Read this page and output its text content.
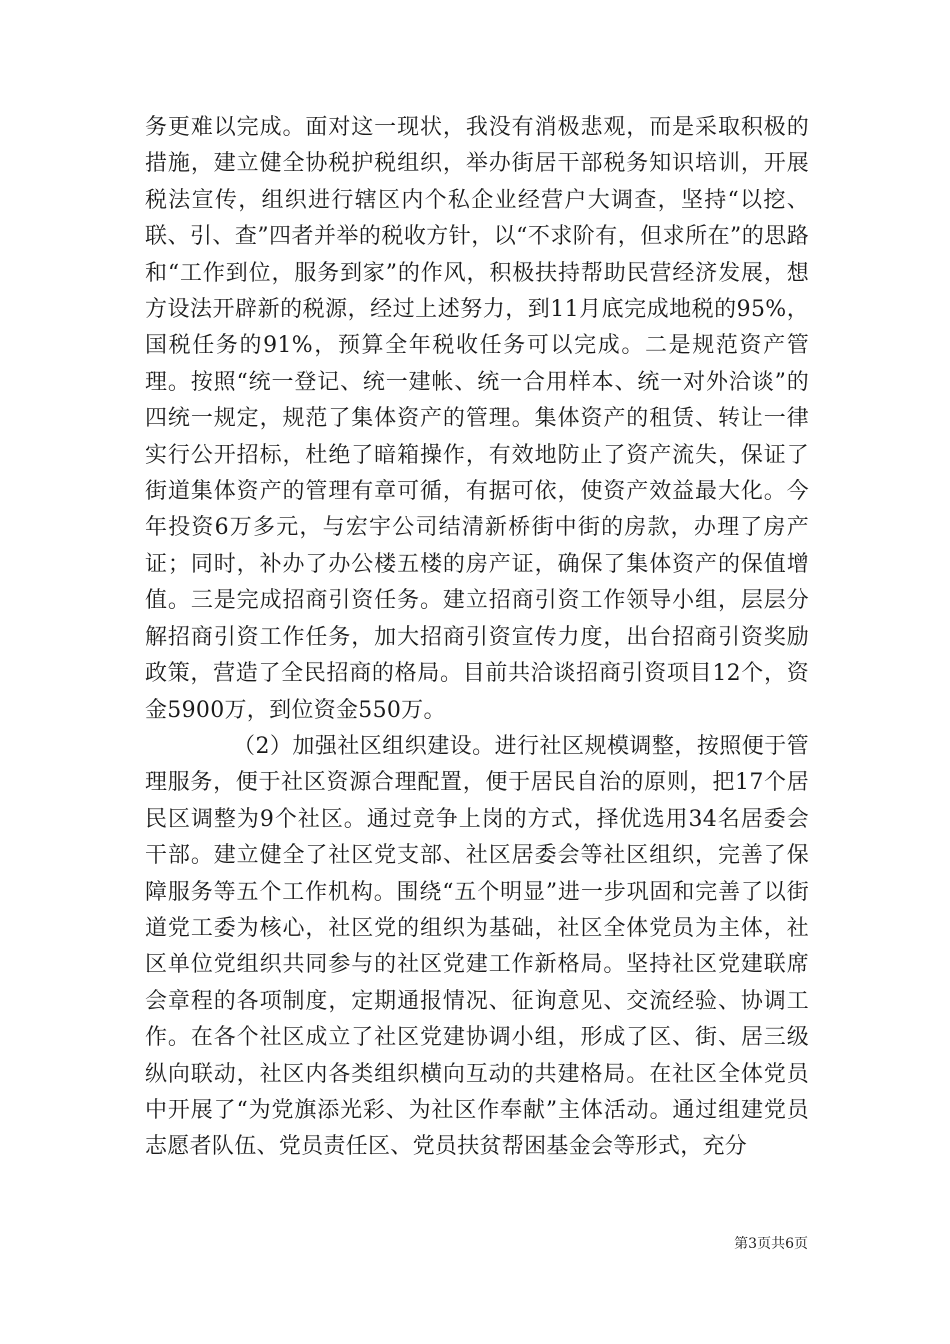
务更难以完成。面对这一现状，我没有消极悲观，而是采取积极的措施，建立健全协税护税组织，举办街居干部税务知识培训，开展税法宣传，组织进行辖区内个私企业经营户大调查，坚持“以挖、联、引、查”四者并举的税收方针，以“不求阶有，但求所在”的思路和“工作到位，服务到家”的作风，积极扶持帮助民营经济发展，想方设法开辟新的税源，经过上述努力，到11月底完成地税的95%，国税任务的91%，预算全年税收任务可以完成。二是规范资产管理。按照“统一登记、统一建帐、统一合用样本、统一对外洽谈”的四统一规定，规范了集体资产的管理。集体资产的租赁、转让一律实行公开招标，杜绝了暗箱操作，有效地防止了资产流失，保证了街道集体资产的管理有章可循，有据可依，使资产效益最大化。今年投资6万多元，与宏宇公司结清新桥街中街的房款，办理了房产证；同时，补办了办公楼五楼的房产证，确保了集体资产的保值增值。三是完成招商引资任务。建立招商引资工作领导小组，层层分解招商引资工作任务，加大招商引资宣传力度，出台招商引资奖励政策，营造了全民招商的格局。目前共洽谈招商引资项目12个，资金5900万，到位资金550万。

（2）加强社区组织建设。进行社区规模调整，按照便于管理服务，便于社区资源合理配置，便于居民自治的原则，把17个居民区调整为9个社区。通过竞争上岗的方式，择优选用34名居委会干部。建立健全了社区党支部、社区居委会等社区组织，完善了保障服务等五个工作机构。围绕“五个明显”进一步巩固和完善了以街道党工委为核心，社区党的组织为基础，社区全体党员为主体，社区单位党组织共同参与的社区党建工作新格局。坚持社区党建联席会章程的各项制度，定期通报情况、征询意见、交流经验、协调工作。在各个社区成立了社区党建协调小组，形成了区、街、居三级纵向联动，社区内各类组织横向互动的共建格局。在社区全体党员中开展了“为党旗添光彩、为社区作奉献”主体活动。通过组建党员志愿者队伍、党员责任区、党员扶贫帮困基金会等形式，充分

第3页共6页
